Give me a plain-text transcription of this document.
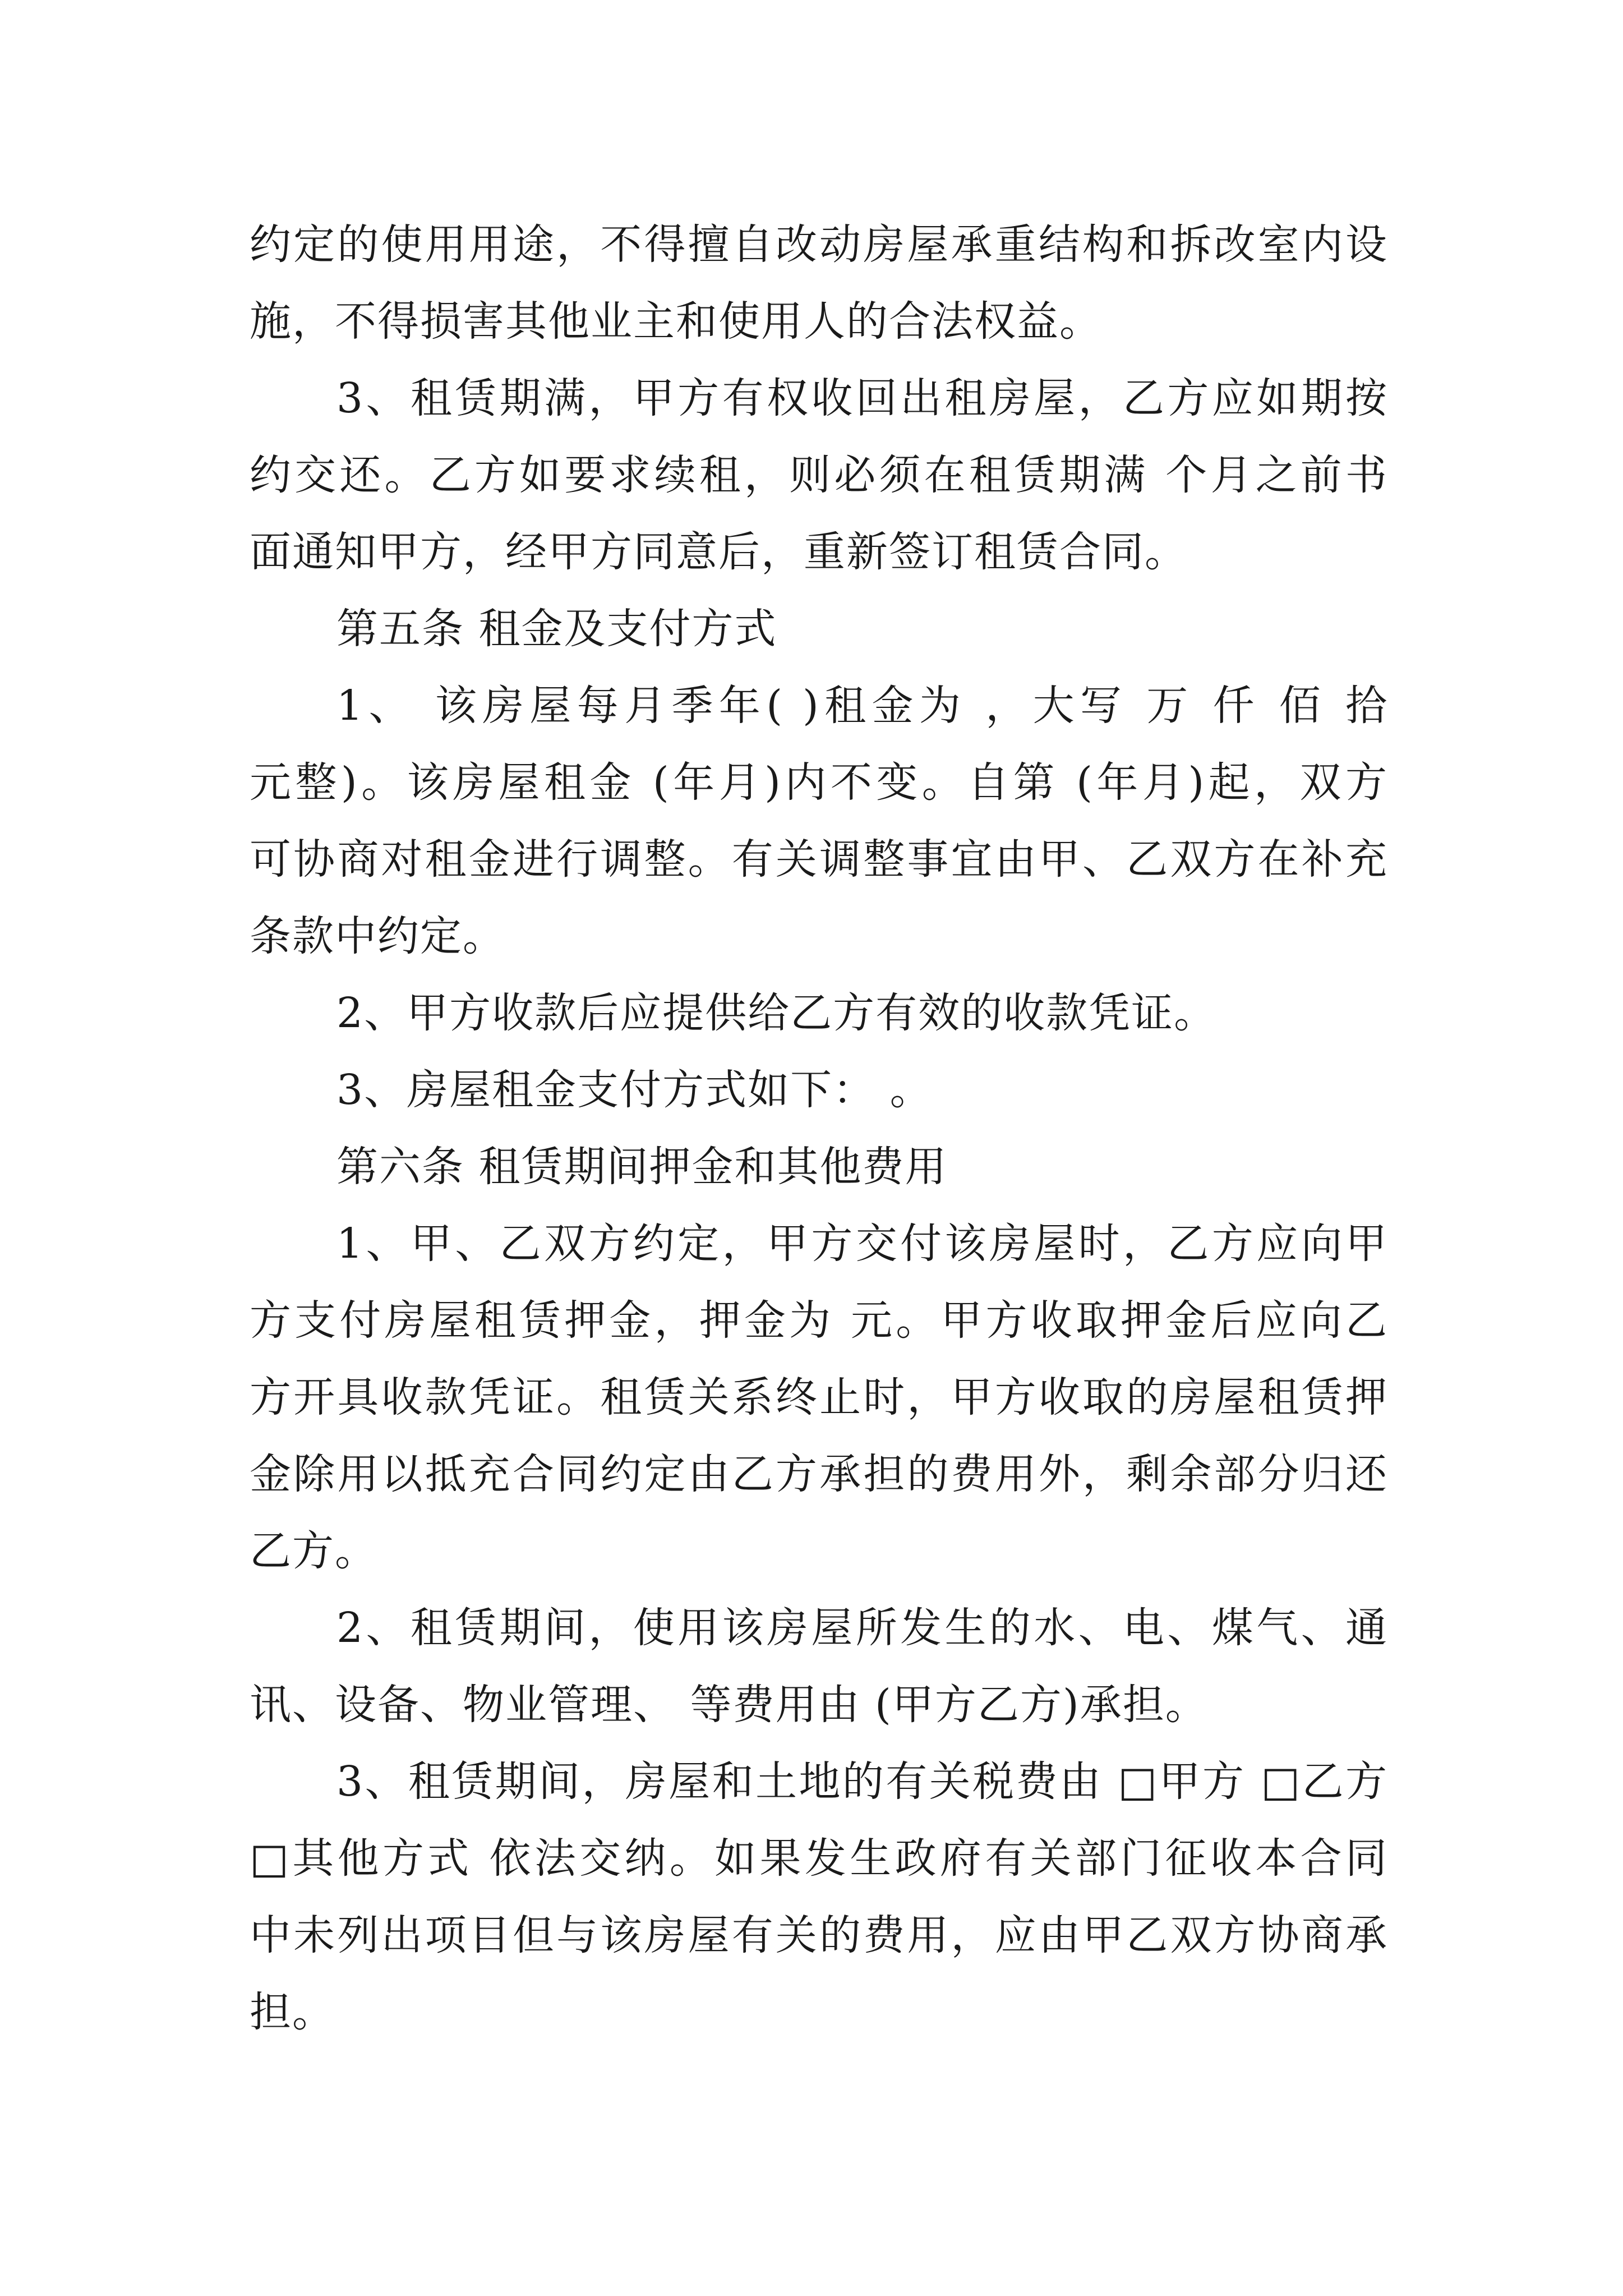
约定的使用用途，不得擅自改动房屋承重结构和拆改室内设
施，不得损害其他业主和使用人的合法权益。
3、租赁期满，甲方有权收回出租房屋，乙方应如期按
约交还。乙方如要求续租，则必须在租赁期满 个月之前书
面通知甲方，经甲方同意后，重新签订租赁合同。
第五条 租金及支付方式
1、 该房屋每月季年( )租金为 ，大写 万 仟 佰 拾
元整)。该房屋租金 (年月)内不变。自第 (年月)起，双方
可协商对租金进行调整。有关调整事宜由甲、乙双方在补充
条款中约定。
2、甲方收款后应提供给乙方有效的收款凭证。
3、房屋租金支付方式如下： 。
第六条 租赁期间押金和其他费用
1、甲、乙双方约定，甲方交付该房屋时，乙方应向甲
方支付房屋租赁押金，押金为 元。甲方收取押金后应向乙
方开具收款凭证。租赁关系终止时，甲方收取的房屋租赁押
金除用以抵充合同约定由乙方承担的费用外，剩余部分归还
乙方。
2、租赁期间，使用该房屋所发生的水、电、煤气、通
讯、设备、物业管理、 等费用由 (甲方乙方)承担。
3、租赁期间，房屋和土地的有关税费由 □甲方 □乙方
□其他方式 依法交纳。如果发生政府有关部门征收本合同
中未列出项目但与该房屋有关的费用，应由甲乙双方协商承
担。
